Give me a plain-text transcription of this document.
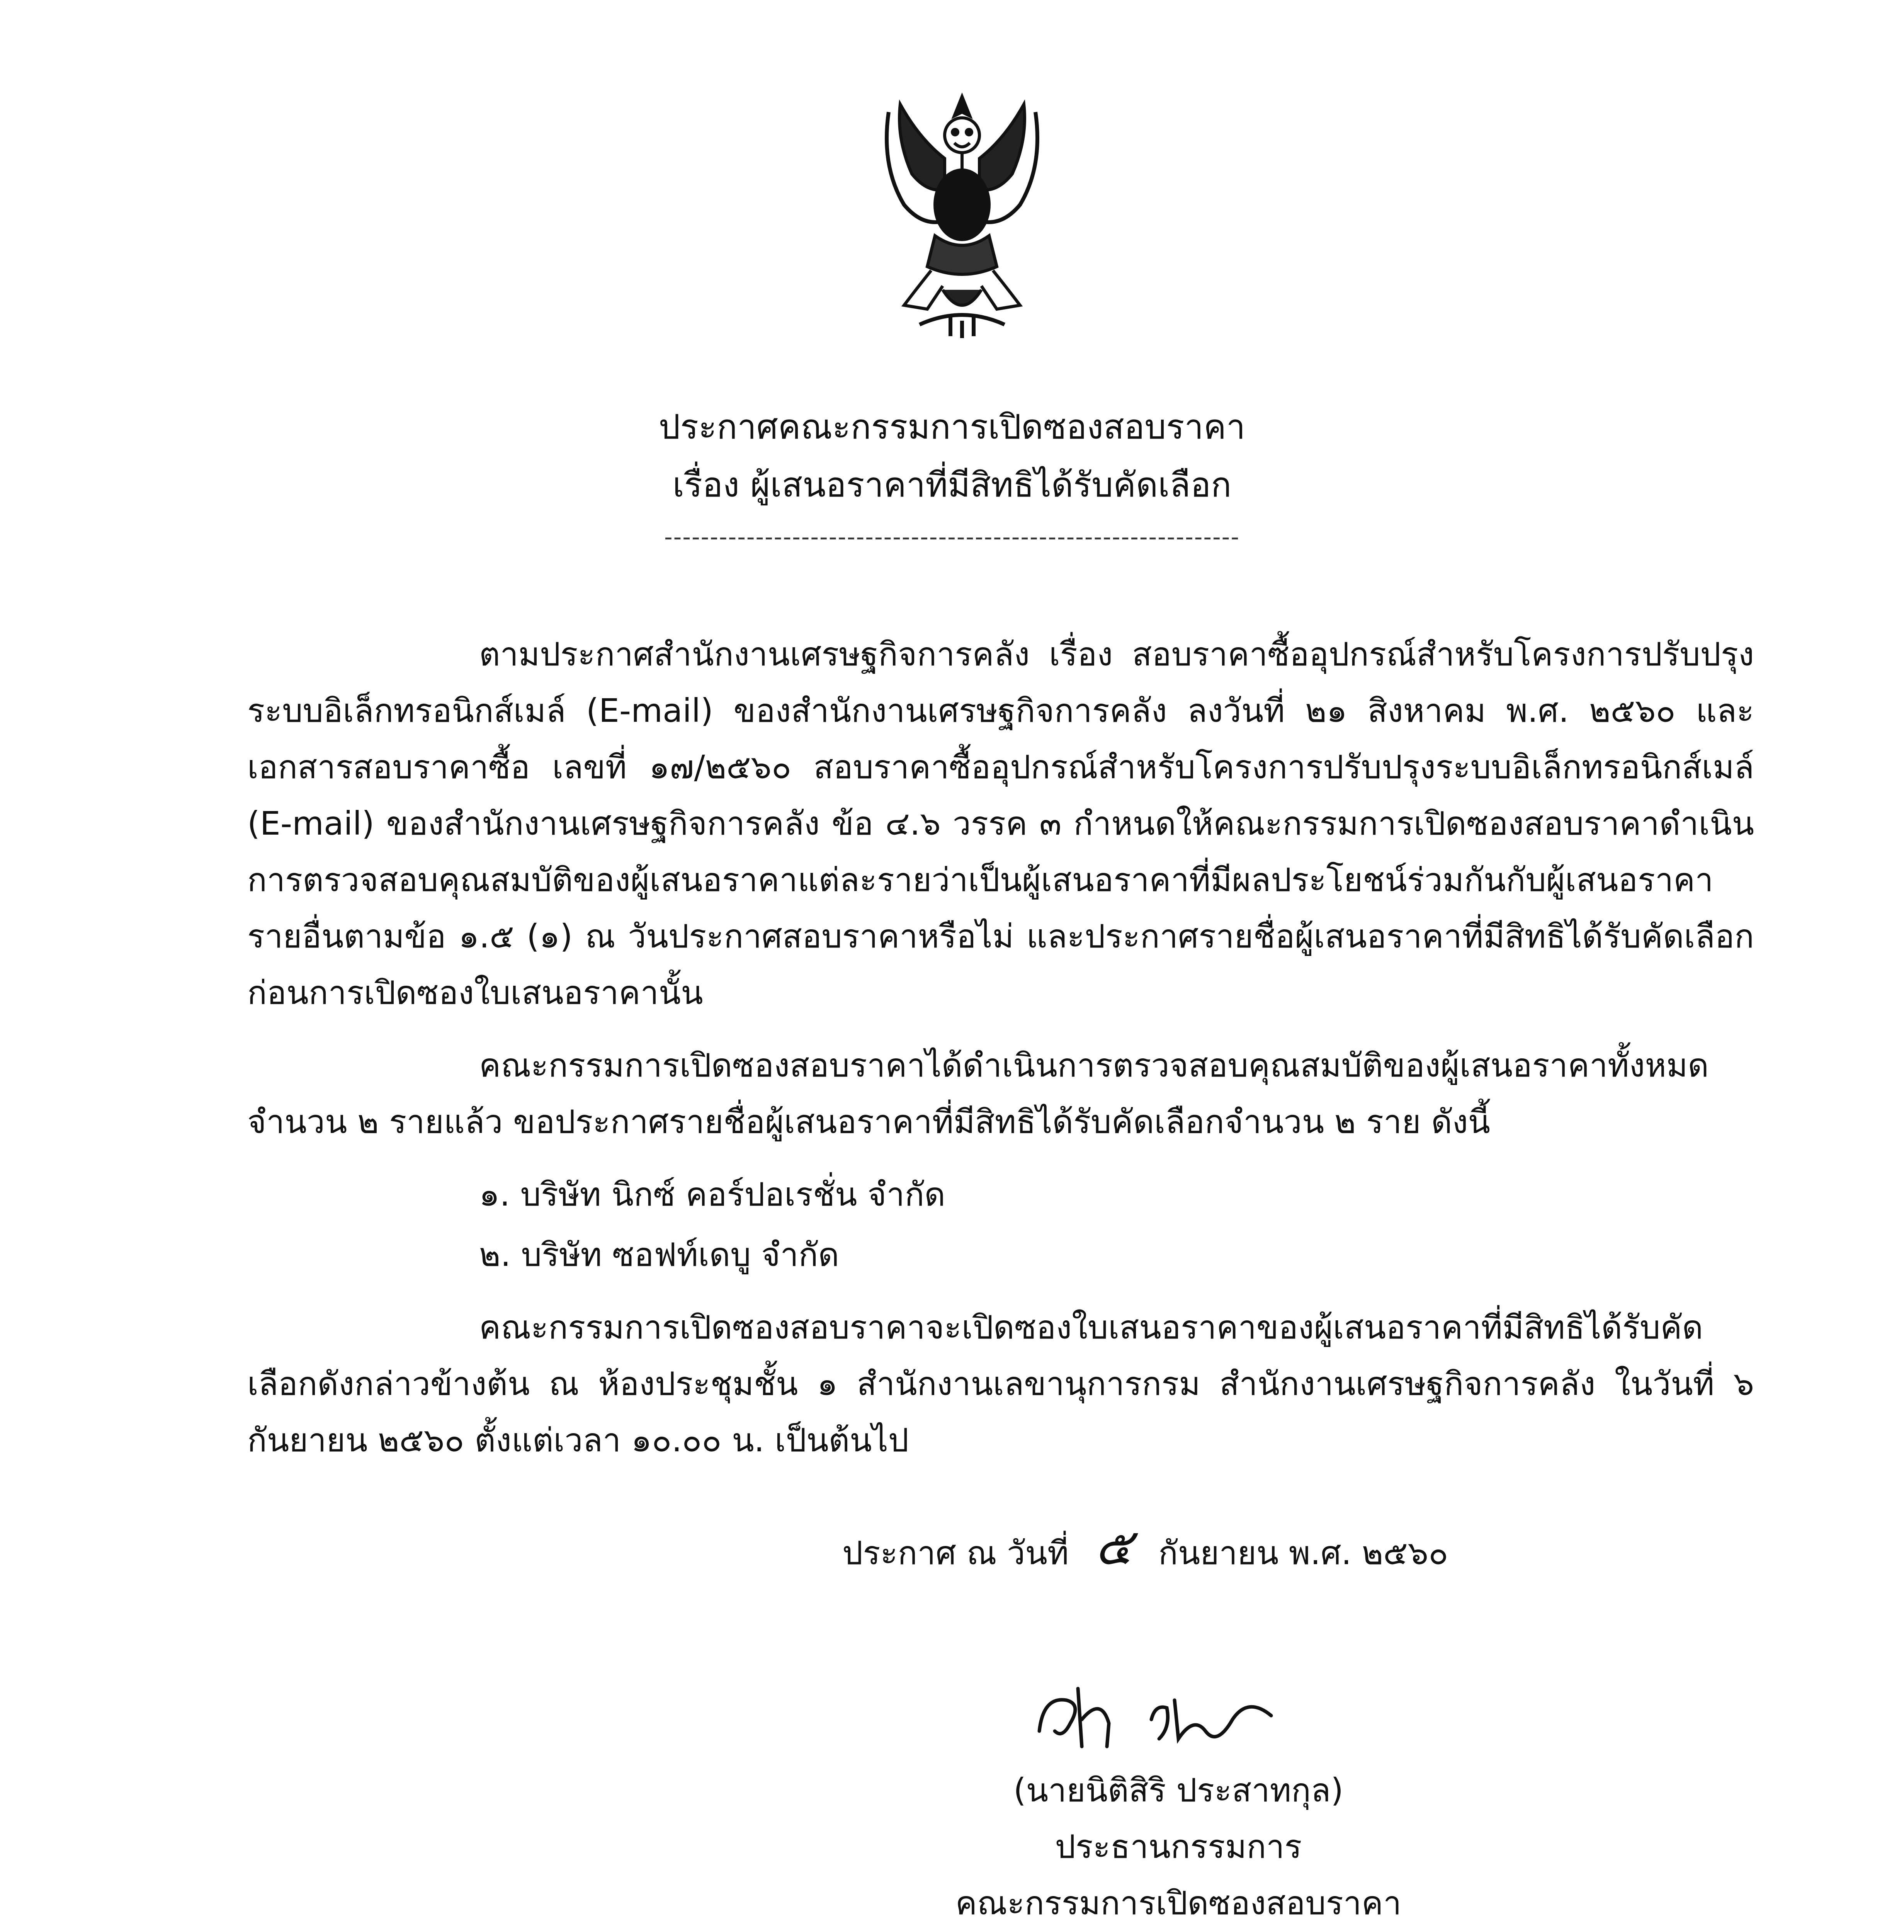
ประกาศคณะกรรมการเปิดซองสอบราคา
เรื่อง ผู้เสนอราคาที่มีสิทธิได้รับคัดเลือก
---------------------------------------------------------------

ตามประกาศสำนักงานเศรษฐกิจการคลัง เรื่อง สอบราคาซื้ออุปกรณ์สำหรับโครงการปรับปรุงระบบอิเล็กทรอนิกส์เมล์ (E-mail) ของสำนักงานเศรษฐกิจการคลัง ลงวันที่ ๒๑ สิงหาคม พ.ศ. ๒๕๖๐ และเอกสารสอบราคาซื้อ เลขที่ ๑๗/๒๕๖๐ สอบราคาซื้ออุปกรณ์สำหรับโครงการปรับปรุงระบบอิเล็กทรอนิกส์เมล์ (E-mail) ของสำนักงานเศรษฐกิจการคลัง ข้อ ๔.๖ วรรค ๓ กำหนดให้คณะกรรมการเปิดซองสอบราคาดำเนินการตรวจสอบคุณสมบัติของผู้เสนอราคาแต่ละรายว่าเป็นผู้เสนอราคาที่มีผลประโยชน์ร่วมกันกับผู้เสนอราคารายอื่นตามข้อ ๑.๕ (๑) ณ วันประกาศสอบราคาหรือไม่ และประกาศรายชื่อผู้เสนอราคาที่มีสิทธิได้รับคัดเลือกก่อนการเปิดซองใบเสนอราคานั้น

คณะกรรมการเปิดซองสอบราคาได้ดำเนินการตรวจสอบคุณสมบัติของผู้เสนอราคาทั้งหมด จำนวน ๒ รายแล้ว ขอประกาศรายชื่อผู้เสนอราคาที่มีสิทธิได้รับคัดเลือกจำนวน ๒ ราย ดังนี้

๑. บริษัท นิกซ์ คอร์ปอเรชั่น จำกัด
๒. บริษัท ซอฟท์เดบู จำกัด

คณะกรรมการเปิดซองสอบราคาจะเปิดซองใบเสนอราคาของผู้เสนอราคาที่มีสิทธิได้รับคัดเลือกดังกล่าวข้างต้น ณ ห้องประชุมชั้น ๑ สำนักงานเลขานุการกรม สำนักงานเศรษฐกิจการคลัง ในวันที่ ๖ กันยายน ๒๕๖๐ ตั้งแต่เวลา ๑๐.๐๐ น. เป็นต้นไป

ประกาศ ณ วันที่ ๕ กันยายน พ.ศ. ๒๕๖๐
(นายนิติสิริ ประสาทกุล)
ประธานกรรมการ
คณะกรรมการเปิดซองสอบราคา
